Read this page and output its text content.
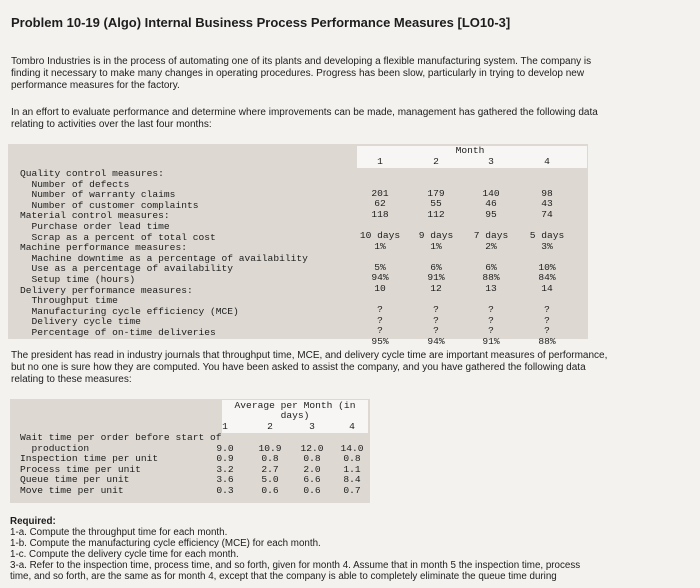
Problem 10-19 (Algo) Internal Business Process Performance Measures [LO10-3]
Tombro Industries is in the process of automating one of its plants and developing a flexible manufacturing system. The company is
finding it necessary to make many changes in operating procedures. Progress has been slow, particularly in trying to develop new
performance measures for the factory.
In an effort to evaluate performance and determine where improvements can be made, management has gathered the following data
relating to activities over the last four months:
Month
1	2	3	4
Quality control measures:
Number of defects
201	179	140	98
Number of warranty claims
62	55	46	43
Number of customer complaints
118	112	95	74
Material control measures:
Purchase order lead time
10 days	9 days	7 days	5 days
Scrap as a percent of total cost
1%	1%	2%	3%
Machine performance measures:
Machine downtime as a percentage of availability
5%	6%	6%	10%
Use as a percentage of availability
94%	91%	88%	84%
Setup time (hours)
10	12	13	14
Delivery performance measures:
Throughput time
?	?	?	?
Manufacturing cycle efficiency (MCE)
?	?	?	?
Delivery cycle time
?	?	?	?
Percentage of on-time deliveries
95%	94%	91%	88%
The president has read in industry journals that throughput time, MCE, and delivery cycle time are important measures of performance,
but no one is sure how they are computed. You have been asked to assist the company, and you have gathered the following data
relating to these measures:
Average per Month (in
days)
1	2	3	4
Wait time per order before start of
production	9.0	10.9	12.0	14.0
Inspection time per unit	0.9	0.8	0.8	0.8
Process time per unit	3.2	2.7	2.0	1.1
Queue time per unit	3.6	5.0	6.6	8.4
Move time per unit	0.3	0.6	0.6	0.7
Required:
1-a. Compute the throughput time for each month.
1-b. Compute the manufacturing cycle efficiency (MCE) for each month.
1-c. Compute the delivery cycle time for each month.
3-a. Refer to the inspection time, process time, and so forth, given for month 4. Assume that in month 5 the inspection time, process
time, and so forth, are the same as for month 4, except that the company is able to completely eliminate the queue time during
